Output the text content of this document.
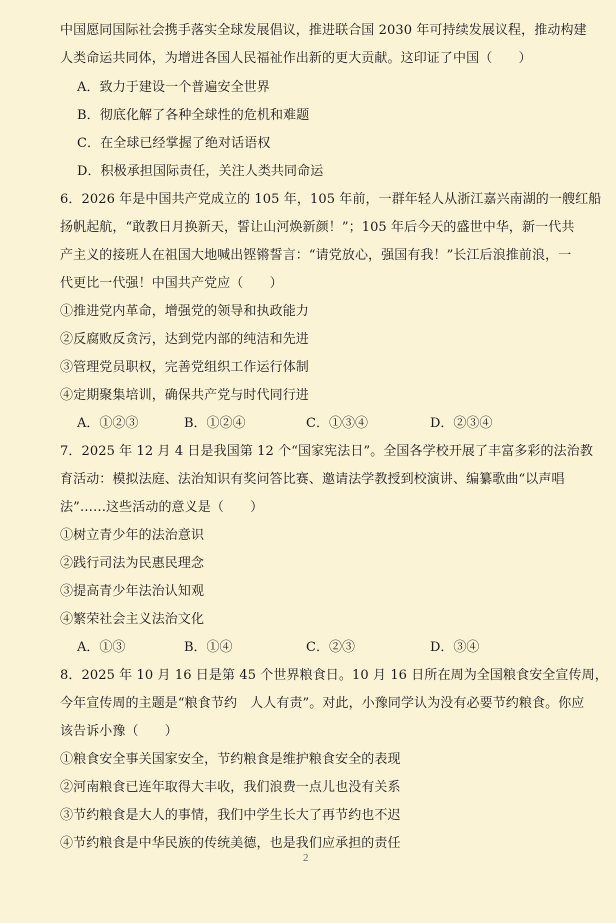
中国愿同国际社会携手落实全球发展倡议，推进联合国 2030 年可持续发展议程，推动构建
人类命运共同体，为增进各国人民福祉作出新的更大贡献。这印证了中国（　　）
A．致力于建设一个普遍安全世界
B．彻底化解了各种全球性的危机和难题
C．在全球已经掌握了绝对话语权
D．积极承担国际责任，关注人类共同命运
6．2026 年是中国共产党成立的 105 年，105 年前，一群年轻人从浙江嘉兴南湖的一艘红船
扬帆起航，“敢教日月换新天，誓让山河焕新颜！”；105 年后今天的盛世中华，新一代共
产主义的接班人在祖国大地喊出铿锵誓言：“请党放心，强国有我！”长江后浪推前浪，一
代更比一代强！中国共产党应（　　）
①推进党内革命，增强党的领导和执政能力
②反腐败反贪污，达到党内部的纯洁和先进
③管理党员职权，完善党组织工作运行体制
④定期聚集培训，确保共产党与时代同行进
A．①②③	B．①②④	C．①③④	D．②③④
7．2025 年 12 月 4 日是我国第 12 个“国家宪法日”。全国各学校开展了丰富多彩的法治教
育活动：模拟法庭、法治知识有奖问答比赛、邀请法学教授到校演讲、编纂歌曲“以声唱
法”……这些活动的意义是（　　）
①树立青少年的法治意识
②践行司法为民惠民理念
③提高青少年法治认知观
④繁荣社会主义法治文化
A．①③	B．①④	C．②③	D．③④
8．2025 年 10 月 16 日是第 45 个世界粮食日。10 月 16 日所在周为全国粮食安全宣传周，
今年宣传周的主题是“粮食节约　人人有责”。对此，小豫同学认为没有必要节约粮食。你应
该告诉小豫（　　）
①粮食安全事关国家安全，节约粮食是维护粮食安全的表现
②河南粮食已连年取得大丰收，我们浪费一点儿也没有关系
③节约粮食是大人的事情，我们中学生长大了再节约也不迟
④节约粮食是中华民族的传统美德，也是我们应承担的责任
2
